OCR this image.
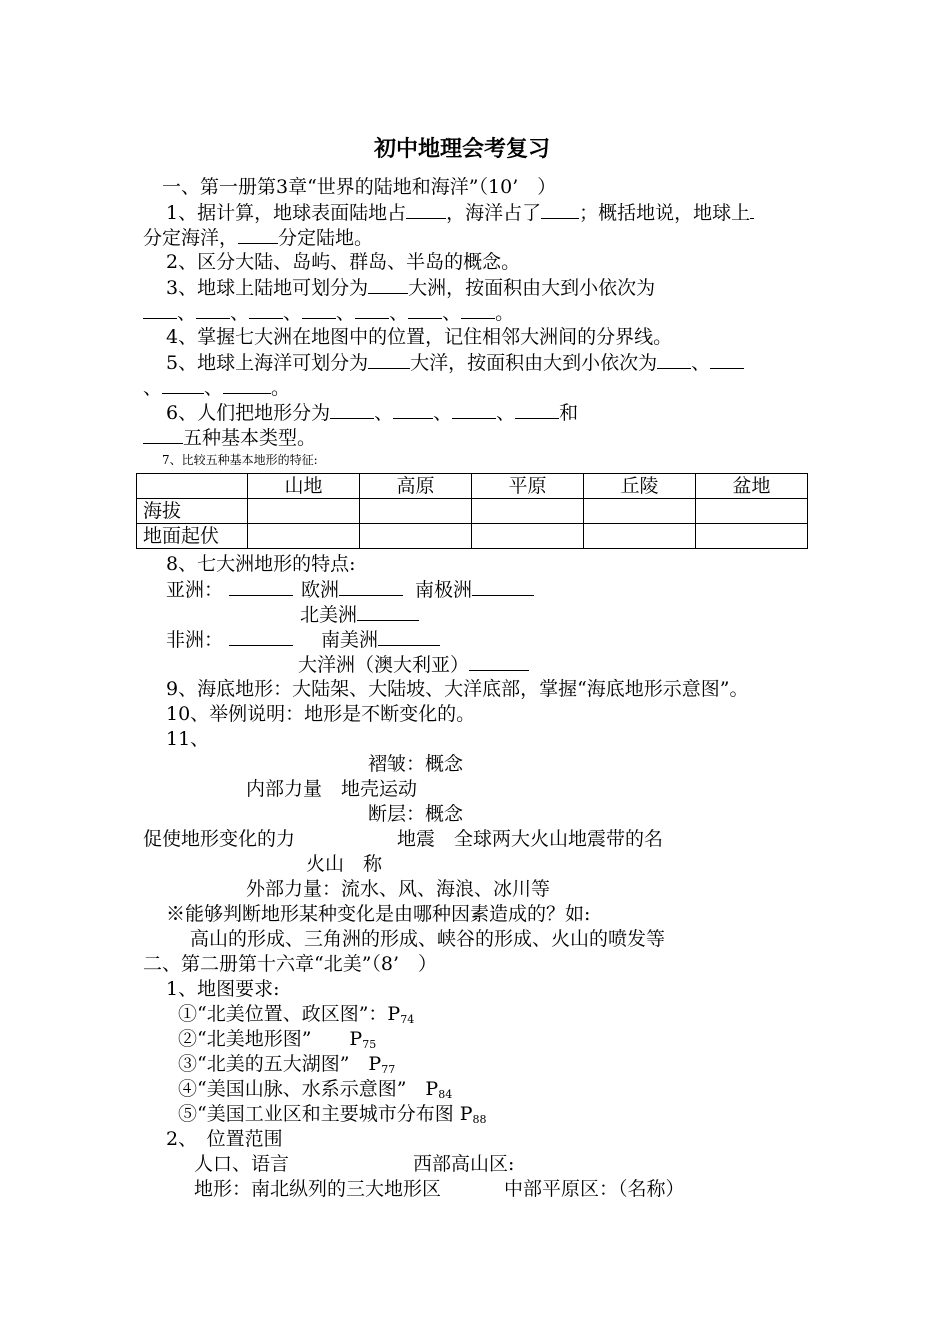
初中地理会考复习
一、第一册第3章“世界的陆地和海洋”（10’　）
1、据计算，地球表面陆地占 ，海洋占了 ；概括地说，地球上
分定海洋， 分定陆地。
2、区分大陆、岛屿、群岛、半岛的概念。
3、地球上陆地可划分为 大洲，按面积由大到小依次为
、 、 、 、 、 、 。
4、掌握七大洲在地图中的位置，记住相邻大洲间的分界线。
5、地球上海洋可划分为 大洋，按面积由大到小依次为 、
、 、	。
6、人们把地形分为 、 、 、 和
五种基本类型。
7、比较五种基本地形的特征:
	山地	高原	平原	丘陵	盆地
海拔					
地面起伏					
8、七大洲地形的特点:
亚洲：	欧洲	南极洲
北美洲
非洲：	南美洲
大洋洲（澳大利亚）
9、海底地形：大陆架、大陆坡、大洋底部，掌握“海底地形示意图”。
10、举例说明：地形是不断变化的。
11、
褶皱：概念
内部力量　地壳运动
断层：概念
促使地形变化的力	地震　全球两大火山地震带的名
火山　称
外部力量：流水、风、海浪、冰川等
※能够判断地形某种变化是由哪种因素造成的？如:
高山的形成、三角洲的形成、峡谷的形成、火山的喷发等
二、第二册第十六章“北美”（8’　）
1、地图要求:
①“北美位置、政区图”：$P_{74}$
②“北美地形图”　　$P_{75}$
③“北美的五大湖图”　$P_{77}$
④“美国山脉、水系示意图”　$P_{84}$
⑤“美国工业区和主要城市分布图 $P_{88}$
2、　位置范围
人口、语言	西部高山区:
地形：南北纵列的三大地形区	中部平原区：（名称）
